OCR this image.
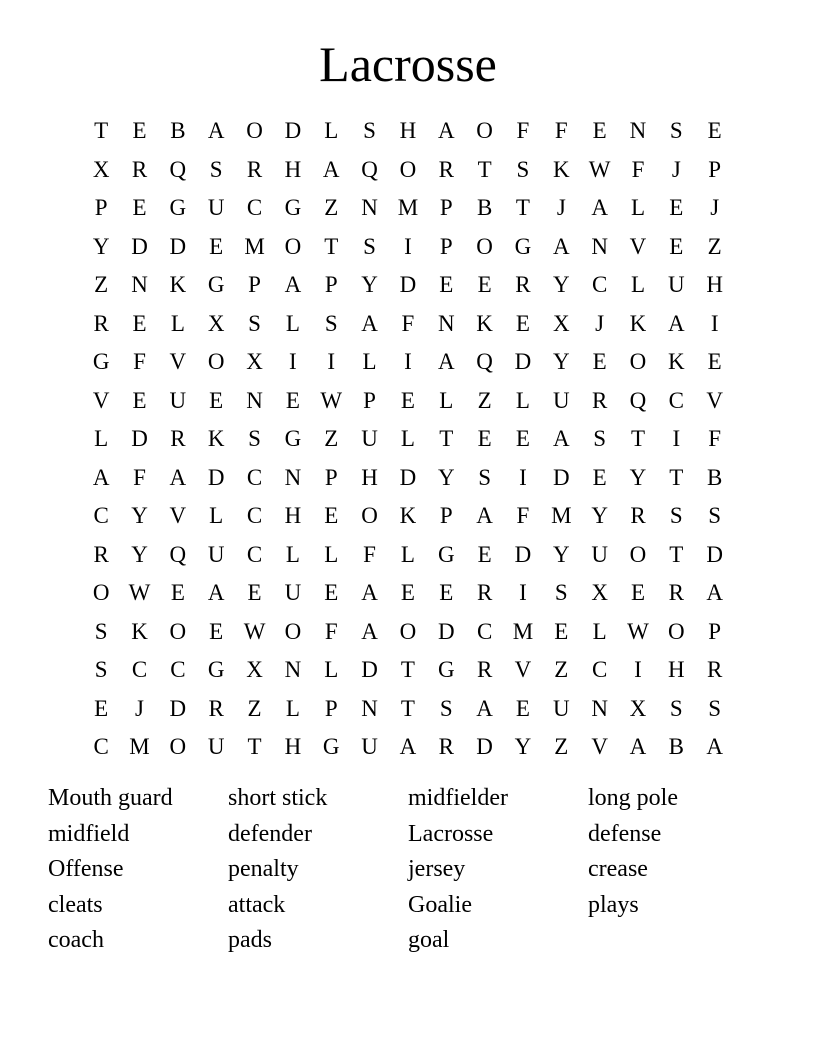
Lacrosse
T	E	B A O D	L	S	H A O	F	F	E	N	S	E
X R Q	S	R H A Q O R	T	S	K W F	J	P
P	E	G U C G	Z	N M P	B	T	J	A	L	E	J
Y D D	E M O	T	S	I	P	O G A N V	E	Z
Z	N K G	P	A	P	Y D	E	E	R Y C	L	U H
R	E	L	X	S	L	S	A	F	N K	E	X	J	K A	I
G	F	V O X	I	I	L	I	A Q D Y	E	O K	E
V	E	U	E	N	E W P	E	L	Z	L	U R Q C V
L	D R K	S	G	Z	U	L	T	E	E	A	S	T	I	F
A	F	A D C N	P	H D Y	S	I	D	E	Y	T	B
C Y V	L	C H	E	O K	P	A	F M Y R	S	S
R Y Q U C	L	L	F	L	G	E	D Y U O	T	D
O W E	A	E	U	E	A	E	E	R	I	S	X	E	R A
S	K O	E W O	F	A O D C M E	L W O	P
S	C	C G X N	L	D	T	G R V	Z	C	I	H R
E	J	D R	Z	L	P	N	T	S	A	E	U N X	S	S
C M O U	T	H G U A R D Y	Z	V A B A
Mouth guard	short stick	midfielder	long pole
midfield	defender	Lacrosse	defense
Offense	penalty	jersey	crease
cleats	attack	Goalie	plays
coach	pads	goal
